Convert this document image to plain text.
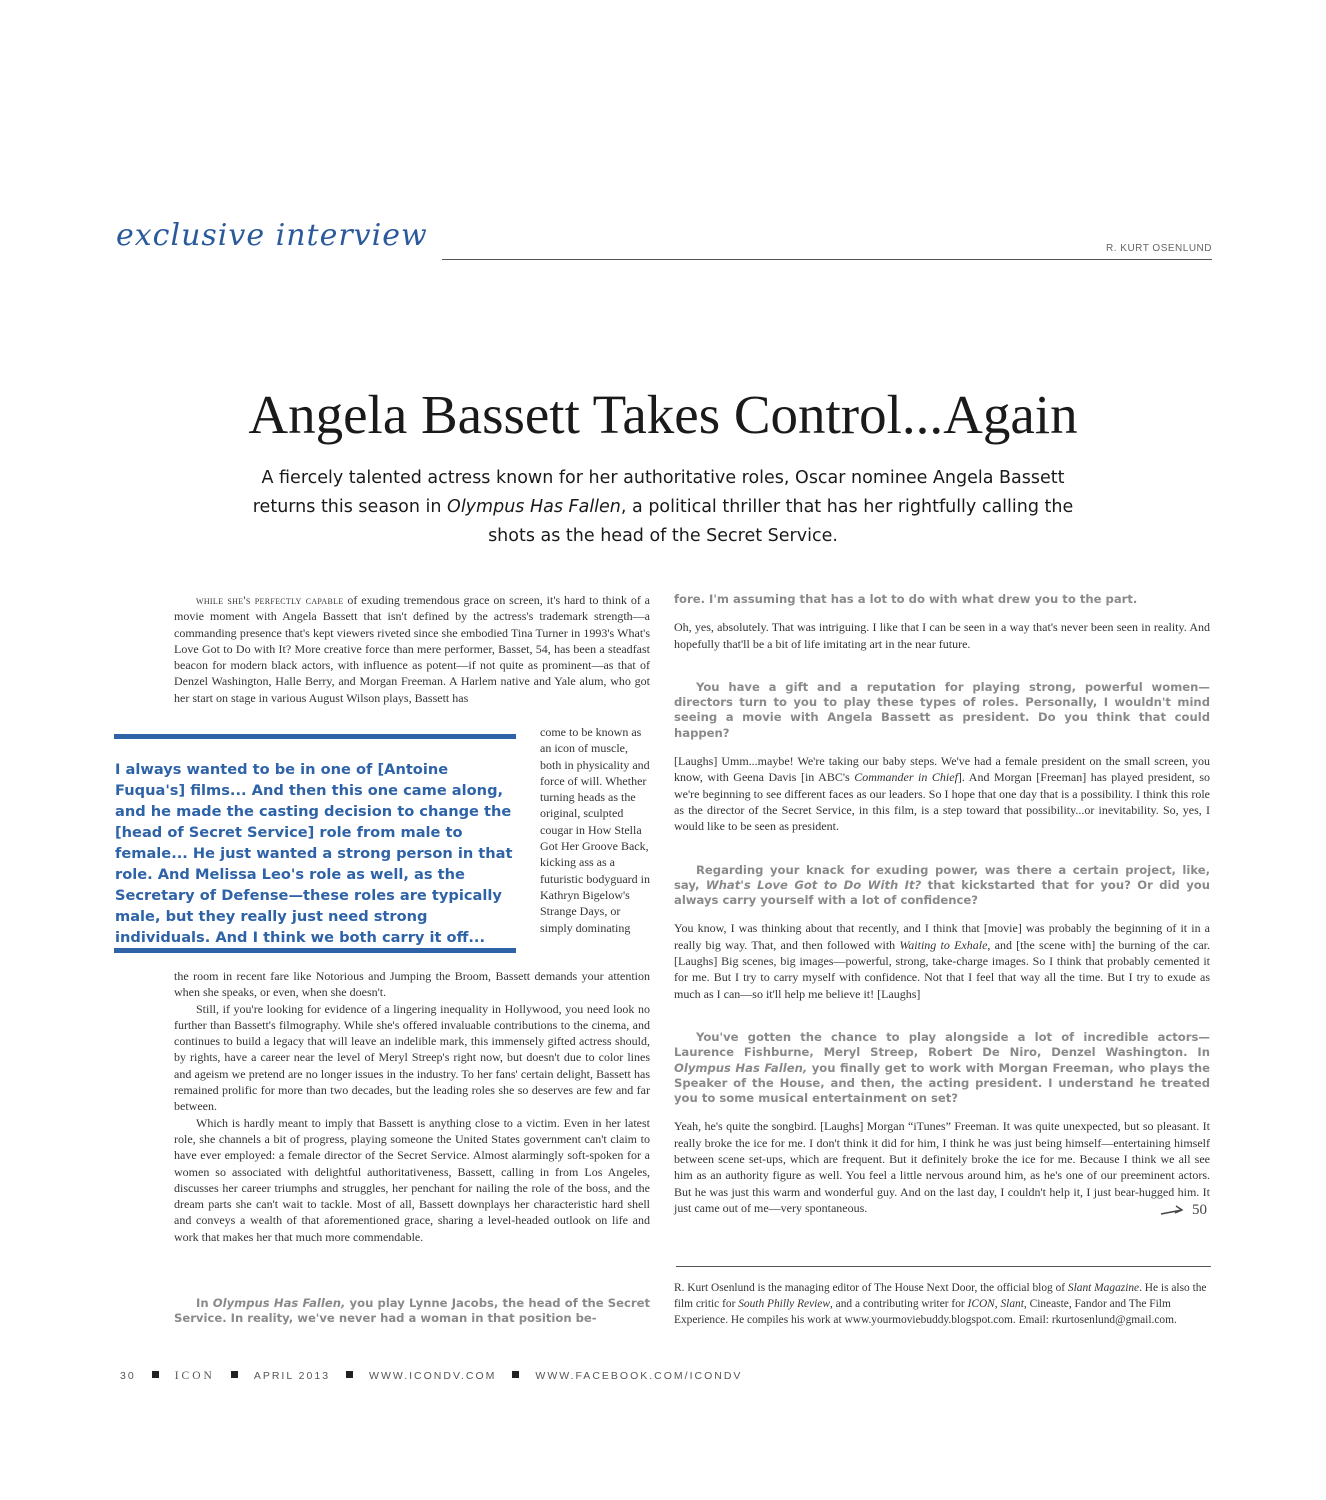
exclusive interview	R. KURT OSENLUND
Angela Bassett Takes Control...Again
A fiercely talented actress known for her authoritative roles, Oscar nominee Angela Bassett returns this season in Olympus Has Fallen, a political thriller that has her rightfully calling the shots as the head of the Secret Service.

while she's perfectly capable of exuding tremendous grace on screen, it's hard to think of a movie moment with Angela Bassett that isn't defined by the actress's trademark strength—a commanding presence that's kept viewers riveted since she embodied Tina Turner in 1993's What's Love Got to Do with It? More creative force than mere performer, Basset, 54, has been a steadfast beacon for modern black actors, with influence as potent—if not quite as prominent—as that of Denzel Washington, Halle Berry, and Morgan Freeman. A Harlem native and Yale alum, who got her start on stage in various August Wilson plays, Bassett has

come to be known as an icon of muscle, both in physicality and force of will. Whether turning heads as the original, sculpted cougar in How Stella Got Her Groove Back, kicking ass as a futuristic bodyguard in Kathryn Bigelow's Strange Days, or simply dominating

the room in recent fare like Notorious and Jumping the Broom, Bassett demands your attention when she speaks, or even, when she doesn't.

Still, if you're looking for evidence of a lingering inequality in Hollywood, you need look no further than Bassett's filmography. While she's offered invaluable contributions to the cinema, and continues to build a legacy that will leave an indelible mark, this immensely gifted actress should, by rights, have a career near the level of Meryl Streep's right now, but doesn't due to color lines and ageism we pretend are no longer issues in the industry. To her fans' certain delight, Bassett has remained prolific for more than two decades, but the leading roles she so deserves are few and far between.

Which is hardly meant to imply that Bassett is anything close to a victim. Even in her latest role, she channels a bit of progress, playing someone the United States government can't claim to have ever employed: a female director of the Secret Service. Almost alarmingly soft-spoken for a women so associated with delightful authoritativeness, Bassett, calling in from Los Angeles, discusses her career triumphs and struggles, her penchant for nailing the role of the boss, and the dream parts she can't wait to tackle. Most of all, Bassett downplays her characteristic hard shell and conveys a wealth of that aforementioned grace, sharing a level-headed outlook on life and work that makes her that much more commendable.

In Olympus Has Fallen, you play Lynne Jacobs, the head of the Secret Service. In reality, we've never had a woman in that position be-
I always wanted to be in one of [Antoine Fuqua's] films... And then this one came along, and he made the casting decision to change the [head of Secret Service] role from male to female... He just wanted a strong person in that role. And Melissa Leo's role as well, as the Secretary of Defense—these roles are typically male, but they really just need strong individuals. And I think we both carry it off...

fore. I'm assuming that has a lot to do with what drew you to the part.

Oh, yes, absolutely. That was intriguing. I like that I can be seen in a way that's never been seen in reality. And hopefully that'll be a bit of life imitating art in the near future.

You have a gift and a reputation for playing strong, powerful women—directors turn to you to play these types of roles. Personally, I wouldn't mind seeing a movie with Angela Bassett as president. Do you think that could happen?

[Laughs] Umm...maybe! We're taking our baby steps. We've had a female president on the small screen, you know, with Geena Davis [in ABC's Commander in Chief]. And Morgan [Freeman] has played president, so we're beginning to see different faces as our leaders. So I hope that one day that is a possibility. I think this role as the director of the Secret Service, in this film, is a step toward that possibility...or inevitability. So, yes, I would like to be seen as president.

Regarding your knack for exuding power, was there a certain project, like, say, What's Love Got to Do With It? that kickstarted that for you? Or did you always carry yourself with a lot of confidence?

You know, I was thinking about that recently, and I think that [movie] was probably the beginning of it in a really big way. That, and then followed with Waiting to Exhale, and [the scene with] the burning of the car. [Laughs] Big scenes, big images—powerful, strong, take-charge images. So I think that probably cemented it for me. But I try to carry myself with confidence. Not that I feel that way all the time. But I try to exude as much as I can—so it'll help me believe it! [Laughs]

You've gotten the chance to play alongside a lot of incredible actors—Laurence Fishburne, Meryl Streep, Robert De Niro, Denzel Washington. In Olympus Has Fallen, you finally get to work with Morgan Freeman, who plays the Speaker of the House, and then, the acting president. I understand he treated you to some musical entertainment on set?

Yeah, he's quite the songbird. [Laughs] Morgan “iTunes” Freeman. It was quite unexpected, but so pleasant. It really broke the ice for me. I don't think it did for him, I think he was just being himself—entertaining himself between scene set-ups, which are frequent. But it definitely broke the ice for me. Because I think we all see him as an authority figure as well. You feel a little nervous around him, as he's one of our preeminent actors. But he was just this warm and wonderful guy. And on the last day, I couldn't help it, I just bear-hugged him. It just came out of me—very spontaneous.	50
R. Kurt Osenlund is the managing editor of The House Next Door, the official blog of Slant Magazine. He is also the film critic for South Philly Review, and a contributing writer for ICON, Slant, Cineaste, Fandor and The Film Experience. He compiles his work at www.yourmoviebuddy.blogspot.com. Email: rkurtosenlund@gmail.com.
30	ICON	APRIL 2013	WWW.ICONDV.COM	WWW.FACEBOOK.COM/ICONDV
